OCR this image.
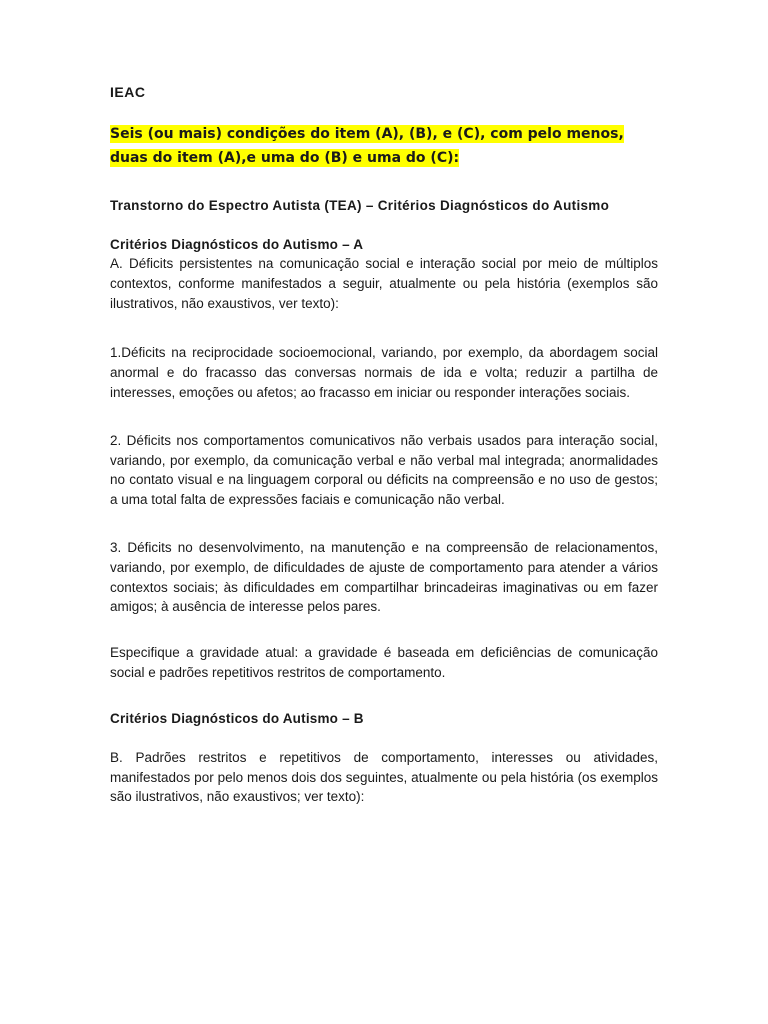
IEAC
Seis (ou mais) condições do item (A), (B), e (C), com pelo menos, duas do item (A),e uma do (B) e uma do (C):
Transtorno do Espectro Autista (TEA) – Critérios Diagnósticos do Autismo
Critérios Diagnósticos do Autismo – A

A. Déficits persistentes na comunicação social e interação social por meio de múltiplos contextos, conforme manifestados a seguir, atualmente ou pela história (exemplos são ilustrativos, não exaustivos, ver texto):

1.Déficits na reciprocidade socioemocional, variando, por exemplo, da abordagem social anormal e do fracasso das conversas normais de ida e volta; reduzir a partilha de interesses, emoções ou afetos; ao fracasso em iniciar ou responder interações sociais.

2. Déficits nos comportamentos comunicativos não verbais usados para interação social, variando, por exemplo, da comunicação verbal e não verbal mal integrada; anormalidades no contato visual e na linguagem corporal ou déficits na compreensão e no uso de gestos; a uma total falta de expressões faciais e comunicação não verbal.

3. Déficits no desenvolvimento, na manutenção e na compreensão de relacionamentos, variando, por exemplo, de dificuldades de ajuste de comportamento para atender a vários contextos sociais; às dificuldades em compartilhar brincadeiras imaginativas ou em fazer amigos; à ausência de interesse pelos pares.

Especifique a gravidade atual: a gravidade é baseada em deficiências de comunicação social e padrões repetitivos restritos de comportamento.

Critérios Diagnósticos do Autismo – B

B. Padrões restritos e repetitivos de comportamento, interesses ou atividades, manifestados por pelo menos dois dos seguintes, atualmente ou pela história (os exemplos são ilustrativos, não exaustivos; ver texto):
